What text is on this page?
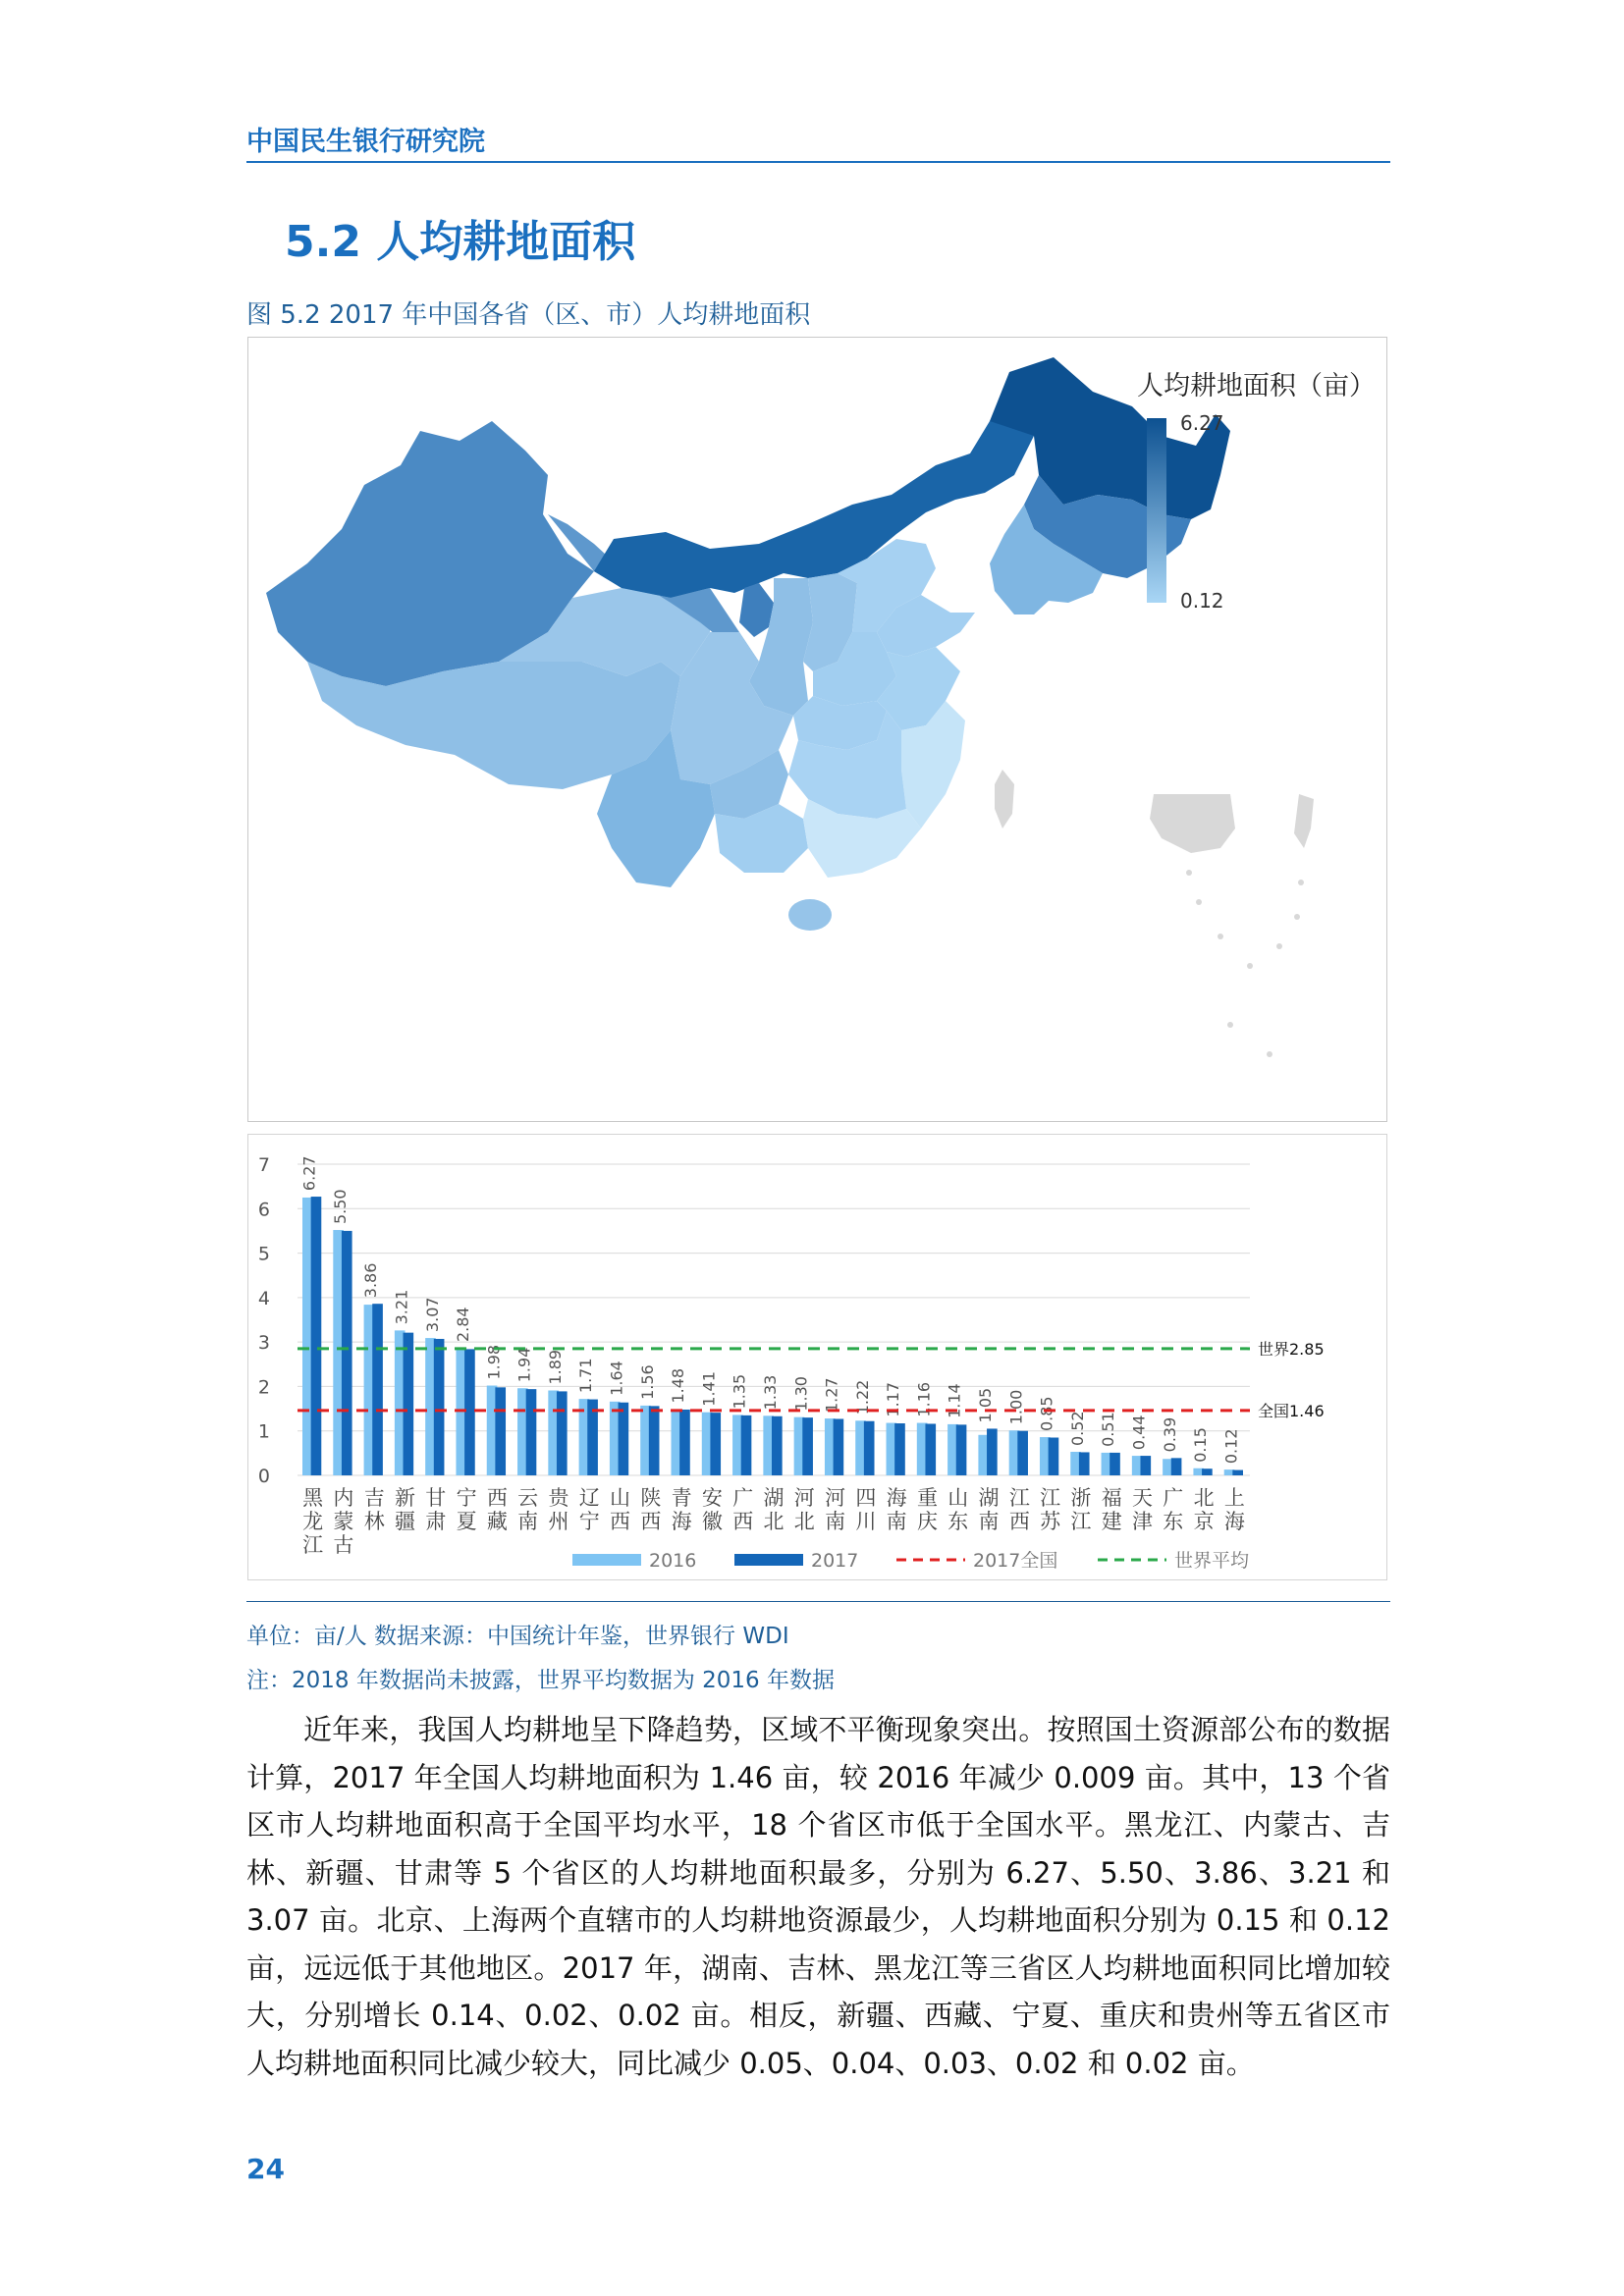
中国民生银行研究院
5.2 人均耕地面积
图 5.2 2017 年中国各省（区、市）人均耕地面积
人均耕地面积（亩）
6.27
0.12
0
1
2
3
4
5
6
7 6.27
黑
龙
江
5.50
内
蒙
古
3.86
吉
林
3.21
新
疆
3.07
甘
肃
2.84
宁
夏
1.98
西
藏
1.94
云
南
1.89
贵
州
1.71
辽
宁
1.64
山
西
1.56
陕
西
1.48
青
海
1.41
安
徽
1.35
广
西
1.33
湖
北
1.30
河
北
1.27
河
南
1.22
四
川
1.17
海
南
1.16
重
庆
1.14
山
东
1.05
湖
南
1.00
江
西
0.85
江
苏
0.52
浙
江
0.51
福
建
0.44
天
津
0.39
广
东
0.15
北
京
0.12
上
海
全国1.46
世界2.85
2016	2017	2017全国	世界平均
单位：亩/人 数据来源：中国统计年鉴，世界银行 WDI
注：2018 年数据尚未披露，世界平均数据为 2016 年数据
近年来，我国人均耕地呈下降趋势，区域不平衡现象突出。按照国土资源部公布的数据计算，2017 年全国人均耕地面积为 1.46 亩，较 2016 年减少 0.009 亩。其中，13 个省区市人均耕地面积高于全国平均水平，18 个省区市低于全国水平。黑龙江、内蒙古、吉林、新疆、甘肃等 5 个省区的人均耕地面积最多，分别为 6.27、5.50、3.86、3.21 和 3.07 亩。北京、上海两个直辖市的人均耕地资源最少，人均耕地面积分别为 0.15 和 0.12 亩，远远低于其他地区。2017 年，湖南、吉林、黑龙江等三省区人均耕地面积同比增加较大，分别增长 0.14、0.02、0.02 亩。相反，新疆、西藏、宁夏、重庆和贵州等五省区市人均耕地面积同比减少较大，同比减少 0.05、0.04、0.03、0.02 和 0.02 亩。
24
